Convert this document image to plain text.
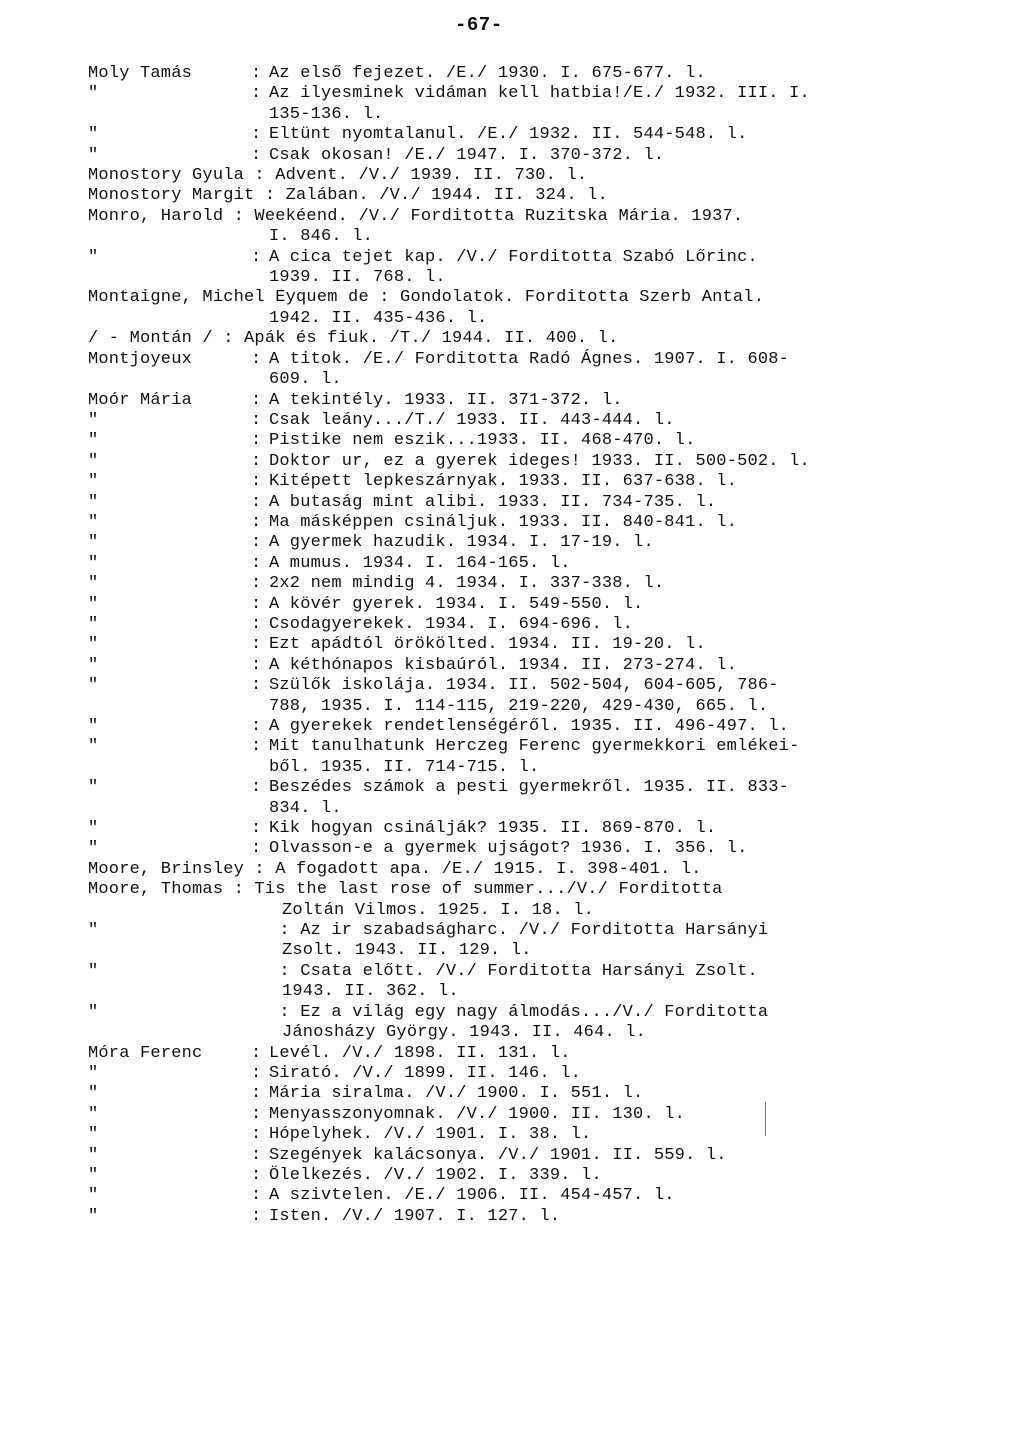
-67-
Moly Tamás	: Az első fejezet. /E./ 1930. I. 675-677. l.
"	: Az ilyesminek vidáman kell hatbia!/E./ 1932. III. I.
135-136. l.
"	: Eltünt nyomtalanul. /E./ 1932. II. 544-548. l.
"	: Csak okosan! /E./ 1947. I. 370-372. l.
Monostory Gyula : Advent. /V./ 1939. II. 730. l.
Monostory Margit : Zalában. /V./ 1944. II. 324. l.
Monro, Harold : Weekéend. /V./ Forditotta Ruzitska Mária. 1937.
I. 846. l.
"	: A cica tejet kap. /V./ Forditotta Szabó Lőrinc.
1939. II. 768. l.
Montaigne, Michel Eyquem de : Gondolatok. Forditotta Szerb Antal.
1942. II. 435-436. l.
/ - Montán / : Apák és fiuk. /T./ 1944. II. 400. l.
Montjoyeux	: A titok. /E./ Forditotta Radó Ágnes. 1907. I. 608-
609. l.
Moór Mária	: A tekintély. 1933. II. 371-372. l.
"	: Csak leány.../T./ 1933. II. 443-444. l.
"	: Pistike nem eszik...1933. II. 468-470. l.
"	: Doktor ur, ez a gyerek ideges! 1933. II. 500-502. l.
"	: Kitépett lepkeszárnyak. 1933. II. 637-638. l.
"	: A butaság mint alibi. 1933. II. 734-735. l.
"	: Ma másképpen csináljuk. 1933. II. 840-841. l.
"	: A gyermek hazudik. 1934. I. 17-19. l.
"	: A mumus. 1934. I. 164-165. l.
"	: 2x2 nem mindig 4. 1934. I. 337-338. l.
"	: A kövér gyerek. 1934. I. 549-550. l.
"	: Csodagyerekek. 1934. I. 694-696. l.
"	: Ezt apádtól örökölted. 1934. II. 19-20. l.
"	: A kéthónapos kisbaúról. 1934. II. 273-274. l.
"	: Szülők iskolája. 1934. II. 502-504, 604-605, 786-
788, 1935. I. 114-115, 219-220, 429-430, 665. l.
"	: A gyerekek rendetlenségéről. 1935. II. 496-497. l.
"	: Mit tanulhatunk Herczeg Ferenc gyermekkori emlékei-
ből. 1935. II. 714-715. l.
"	: Beszédes számok a pesti gyermekről. 1935. II. 833-
834. l.
"	: Kik hogyan csinálják? 1935. II. 869-870. l.
"	: Olvasson-e a gyermek ujságot? 1936. I. 356. l.
Moore, Brinsley : A fogadott apa. /E./ 1915. I. 398-401. l.
Moore, Thomas : Tis the last rose of summer.../V./ Forditotta
Zoltán Vilmos. 1925. I. 18. l.
"	: Az ir szabadságharc. /V./ Forditotta Harsányi
Zsolt. 1943. II. 129. l.
"	: Csata előtt. /V./ Forditotta Harsányi Zsolt.
1943. II. 362. l.
"	: Ez a világ egy nagy álmodás.../V./ Forditotta
Jánosházy György. 1943. II. 464. l.
Móra Ferenc	: Levél. /V./ 1898. II. 131. l.
"	: Sirató. /V./ 1899. II. 146. l.
"	: Mária siralma. /V./ 1900. I. 551. l.
"	: Menyasszonyomnak. /V./ 1900. II. 130. l.
"	: Hópelyhek. /V./ 1901. I. 38. l.
"	: Szegények kalácsonya. /V./ 1901. II. 559. l.
"	: Ölelkezés. /V./ 1902. I. 339. l.
"	: A szivtelen. /E./ 1906. II. 454-457. l.
"	: Isten. /V./ 1907. I. 127. l.
